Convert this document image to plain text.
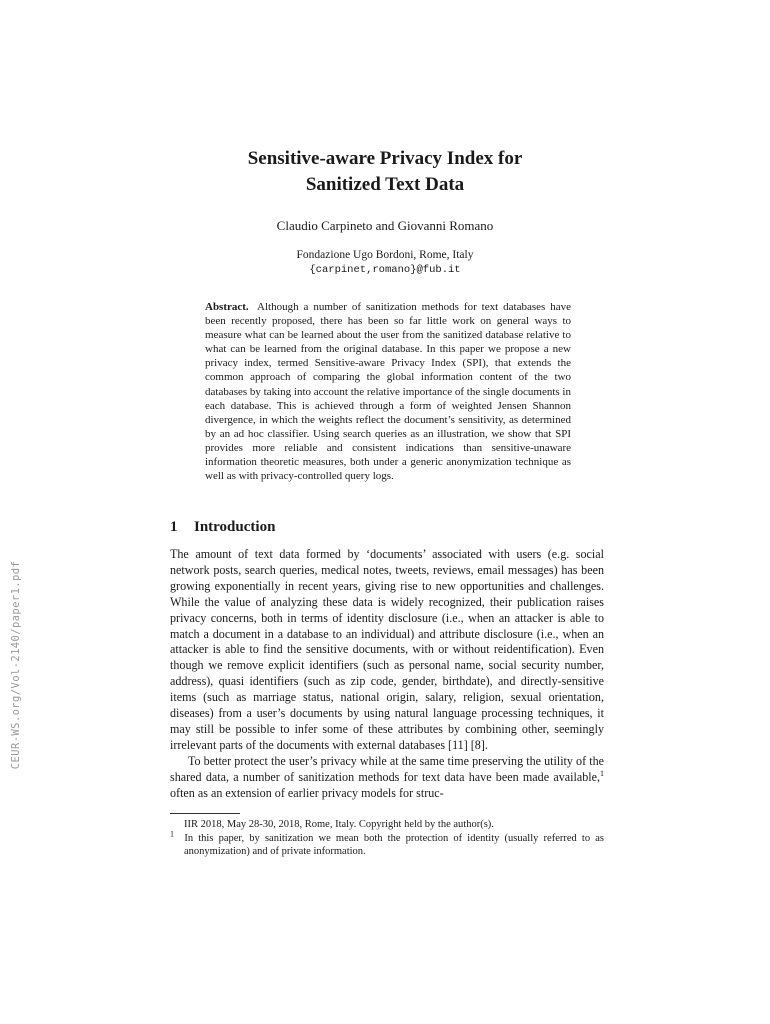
Sensitive-aware Privacy Index for
Sanitized Text Data
Claudio Carpineto and Giovanni Romano
Fondazione Ugo Bordoni, Rome, Italy
{carpinet,romano}@fub.it

Abstract. Although a number of sanitization methods for text databases have been recently proposed, there has been so far little work on general ways to measure what can be learned about the user from the sanitized database relative to what can be learned from the original database. In this paper we propose a new privacy index, termed Sensitive-aware Privacy Index (SPI), that extends the common approach of comparing the global information content of the two databases by taking into account the relative importance of the single documents in each database. This is achieved through a form of weighted Jensen Shannon divergence, in which the weights reflect the document’s sensitivity, as determined by an ad hoc classifier. Using search queries as an illustration, we show that SPI provides more reliable and consistent indications than sensitive-unaware information theoretic measures, both under a generic anonymization technique as well as with privacy-controlled query logs.

1 Introduction

The amount of text data formed by ‘documents’ associated with users (e.g. social network posts, search queries, medical notes, tweets, reviews, email messages) has been growing exponentially in recent years, giving rise to new opportunities and challenges. While the value of analyzing these data is widely recognized, their publication raises privacy concerns, both in terms of identity disclosure (i.e., when an attacker is able to match a document in a database to an individual) and attribute disclosure (i.e., when an attacker is able to find the sensitive documents, with or without reidentification). Even though we remove explicit identifiers (such as personal name, social security number, address), quasi identifiers (such as zip code, gender, birthdate), and directly-sensitive items (such as marriage status, national origin, salary, religion, sexual orientation, diseases) from a user’s documents by using natural language processing techniques, it may still be possible to infer some of these attributes by combining other, seemingly irrelevant parts of the documents with external databases [11] [8].

To better protect the user’s privacy while at the same time preserving the utility of the shared data, a number of sanitization methods for text data have been made available,$^1$ often as an extension of earlier privacy models for struc-

IIR 2018, May 28-30, 2018, Rome, Italy. Copyright held by the author(s).
$^1$ In this paper, by sanitization we mean both the protection of identity (usually referred to as anonymization) and of private information.
CEUR-WS.org/Vol-2140/paper1.pdf
